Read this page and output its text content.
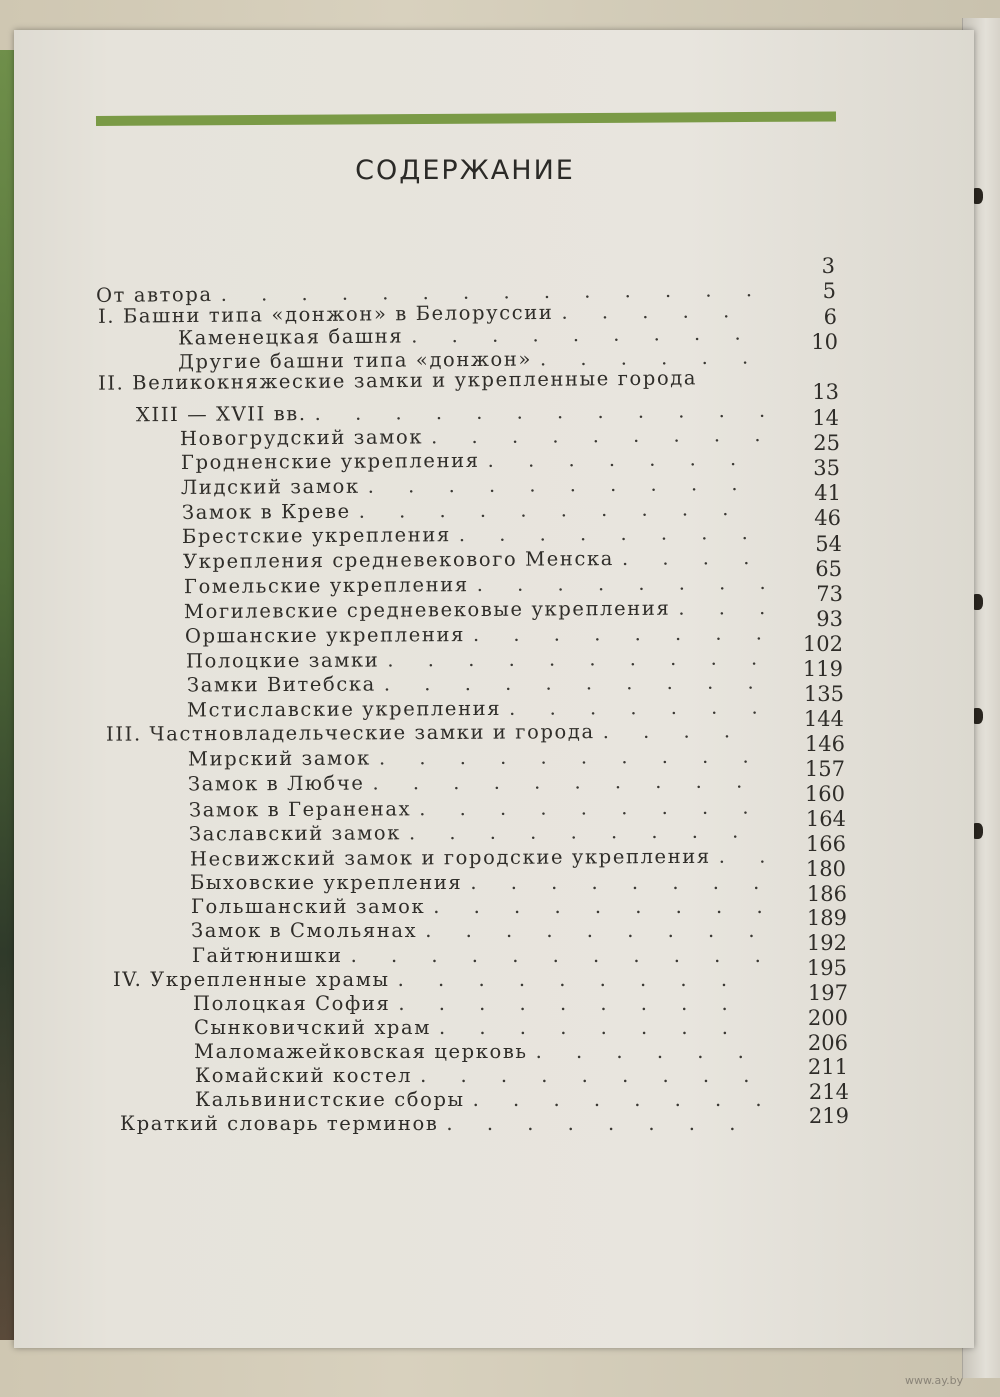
СОДЕРЖАНИЕ
От автора . . . . . . . . . . . . . .
I. Башни типа «донжон» в Белоруссии . . . . .
Каменецкая башня . . . . . . . . .
Другие башни типа «донжон» . . . . . .
II. Великокняжеские замки и укрепленные города
XIII — XVII вв. . . . . . . . . . . . .
Новогрудский замок . . . . . . . . .
Гродненские укрепления . . . . . . .
Лидский замок . . . . . . . . . .
Замок в Креве . . . . . . . . . .
Брестские укрепления . . . . . . . .
Укрепления средневекового Менска . . . .
Гомельские укрепления . . . . . . . .
Могилевские средневековые укрепления . . .
Оршанские укрепления . . . . . . . .
Полоцкие замки . . . . . . . . . .
Замки Витебска . . . . . . . . . .
Мстиславские укрепления . . . . . . .
III. Частновладельческие замки и города . . . .
Мирский замок . . . . . . . . . .
Замок в Любче . . . . . . . . . .
Замок в Гераненах . . . . . . . . .
Заславский замок . . . . . . . . .
Несвижский замок и городские укрепления . .
Быховские укрепления . . . . . . . .
Гольшанский замок . . . . . . . . .
Замок в Смольянах . . . . . . . . .
Гайтюнишки . . . . . . . . . . .
IV. Укрепленные храмы . . . . . . . . .
Полоцкая София . . . . . . . . .
Сынковичский храм . . . . . . . .
Маломажейковская церковь . . . . . .
Комайский костел . . . . . . . . .
Кальвинистские сборы . . . . . . . .
Краткий словарь терминов . . . . . . . .
3
5
6
10
13
14
25
35
41
46
54
65
73
93
102
119
135
144
146
157
160
164
166
180
186
189
192
195
197
200
206
211
214
219
www.ay.by
